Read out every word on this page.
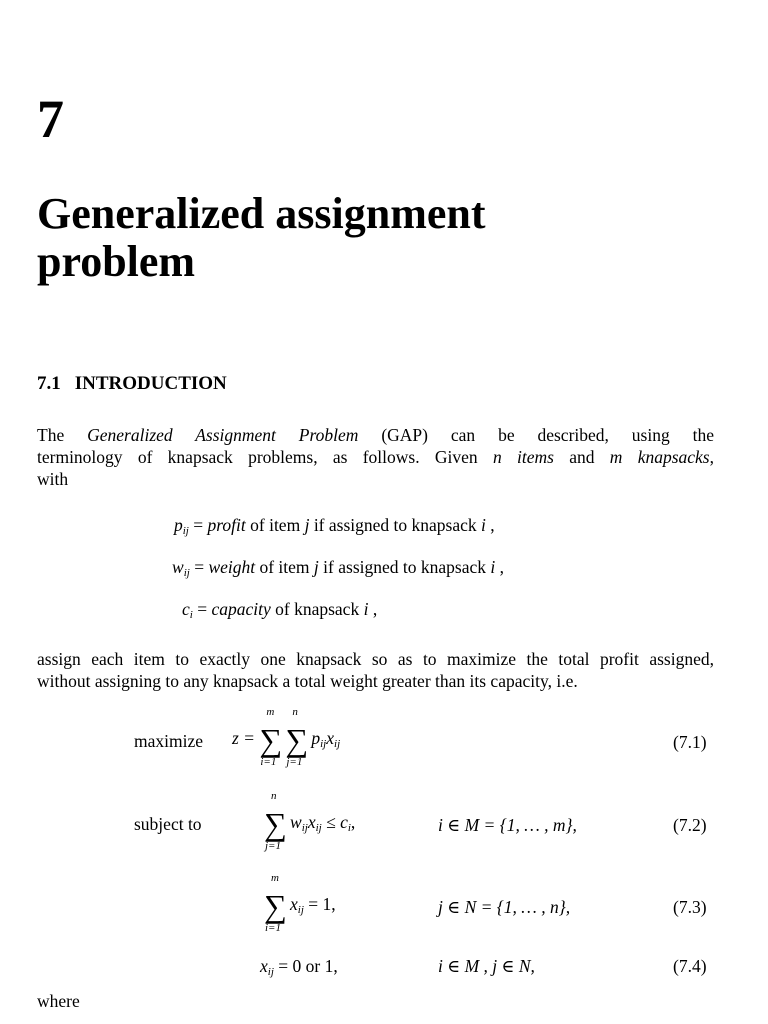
7
Generalized assignment
problem
7.1 INTRODUCTION
The Generalized Assignment Problem (GAP) can be described, using the
terminology of knapsack problems, as follows. Given n items and m knapsacks,
with
$p_{ij}$ = profit of item j if assigned to knapsack i ,
$w_{ij}$ = weight of item j if assigned to knapsack i ,
$c_i$ = capacity of knapsack i ,
assign each item to exactly one knapsack so as to maximize the total profit assigned,
without assigning to any knapsack a total weight greater than its capacity, i.e.
maximize z = ∑
m
i=1
∑
n
j=1
$p_{ij}x_{ij}$	(7.1)
subject to ∑
n
j=1
$w_{ij}x_{ij} \le c_i$,	i ∈ M = {1, … , m},	(7.2)
∑
m
i=1
$x_{ij} = 1$,	j ∈ N = {1, … , n},	(7.3)
$x_{ij} = 0$ or 1,	i ∈ M , j ∈ N,	(7.4)
where
